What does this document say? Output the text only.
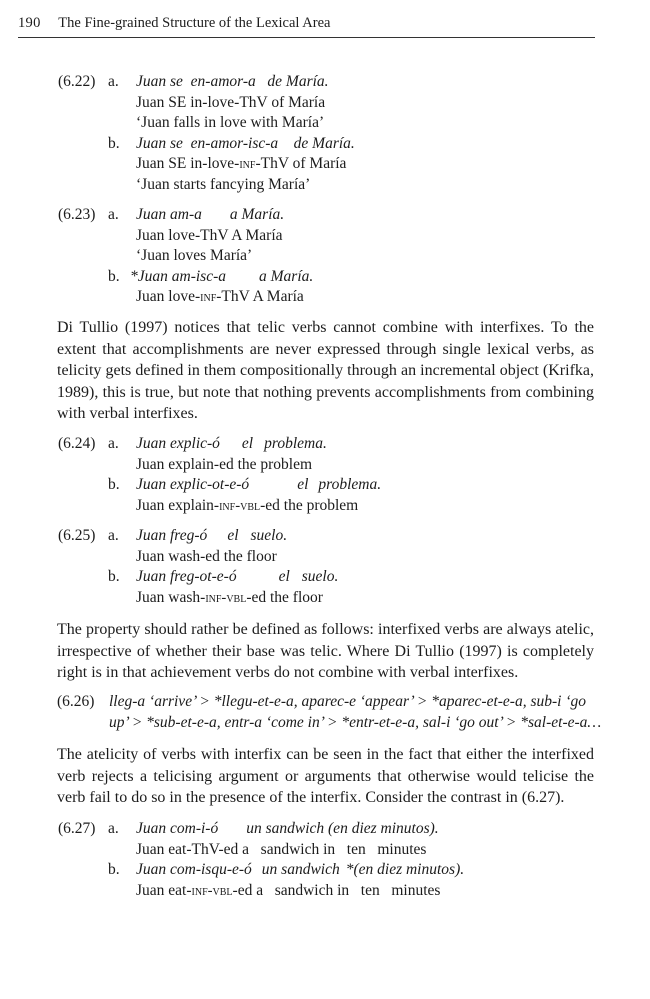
190 The Fine-grained Structure of the Lexical Area
(6.22) a. Juan se en-amor-a de María.
Juan SE in-love-ThV of María
‘Juan falls in love with María’
b. Juan se en-amor-isc-a de María.
Juan SE in-love-inf-ThV of María
‘Juan starts fancying María’
(6.23) a. Juan am-a a María.
Juan love-ThV A María
‘Juan loves María’
b. *Juan am-isc-a a María.
Juan love-inf-ThV A María

Di Tullio (1997) notices that telic verbs cannot combine with interfixes. To the extent that accomplishments are never expressed through single lexical verbs, as telicity gets defined in them compositionally through an incremental object (Krifka, 1989), this is true, but note that nothing prevents accomplishments from combining with verbal interfixes.

(6.24) a. Juan explic-ó el problema.
Juan explain-ed the problem
b. Juan explic-ot-e-ó	el problema.
Juan explain-inf-vbl-ed the problem
(6.25) a. Juan freg-ó el suelo.
Juan wash-ed the floor
b. Juan freg-ot-e-ó	el suelo.
Juan wash-inf-vbl-ed the floor

The property should rather be defined as follows: interfixed verbs are always atelic, irrespective of whether their base was telic. Where Di Tullio (1997) is completely right is in that achievement verbs do not combine with verbal interfixes.

(6.26) lleg-a ‘arrive’ > *llegu-et-e-a, aparec-e ‘appear’ > *aparec-et-e-a, sub-i ‘go
up’ > *sub-et-e-a, entr-a ‘come in’ > *entr-et-e-a, sal-i ‘go out’ > *sal-et-e-a…

The atelicity of verbs with interfix can be seen in the fact that either the interfixed verb rejects a telicising argument or arguments that otherwise would telicise the verb fail to do so in the presence of the interfix. Consider the contrast in (6.27).

(6.27) a. Juan com-i-ó un sandwich (en diez minutos).
Juan eat-ThV-ed a   sandwich in   ten   minutes
b. Juan com-isqu-e-ó un sandwich *(en diez minutos).
Juan eat-inf-vbl-ed a   sandwich in   ten   minutes
